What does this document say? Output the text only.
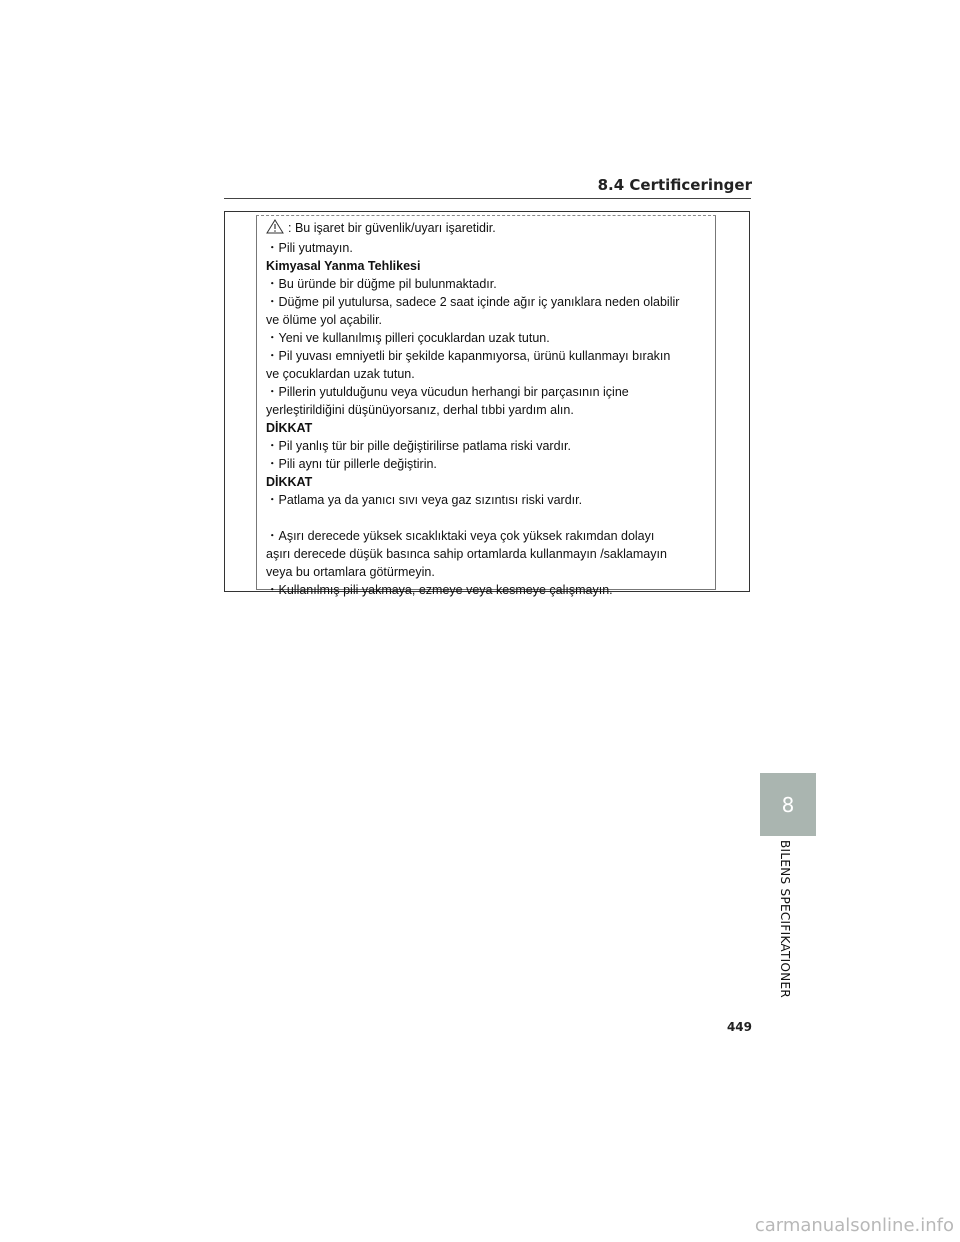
8.4 Certificeringer
: Bu işaret bir güvenlik/uyarı işaretidir.
・Pili yutmayın.
Kimyasal Yanma Tehlikesi
・Bu üründe bir düğme pil bulunmaktadır.
・Düğme pil yutulursa, sadece 2 saat içinde ağır iç yanıklara neden olabilir
ve ölüme yol açabilir.
・Yeni ve kullanılmış pilleri çocuklardan uzak tutun.
・Pil yuvası emniyetli bir şekilde kapanmıyorsa, ürünü kullanmayı bırakın
ve çocuklardan uzak tutun.
・Pillerin yutulduğunu veya vücudun herhangi bir parçasının içine
yerleştirildiğini düşünüyorsanız, derhal tıbbi yardım alın.
DİKKAT
・Pil yanlış tür bir pille değiştirilirse patlama riski vardır.
・Pili aynı tür pillerle değiştirin.
DİKKAT
・Patlama ya da yanıcı sıvı veya gaz sızıntısı riski vardır.
・Aşırı derecede yüksek sıcaklıktaki veya çok yüksek rakımdan dolayı
aşırı derecede düşük basınca sahip ortamlarda kullanmayın /saklamayın
veya bu ortamlara götürmeyin.
・Kullanılmış pili yakmaya, ezmeye veya kesmeye çalışmayın.
8
BILENS SPECIFIKATIONER
449
carmanualsonline.info
